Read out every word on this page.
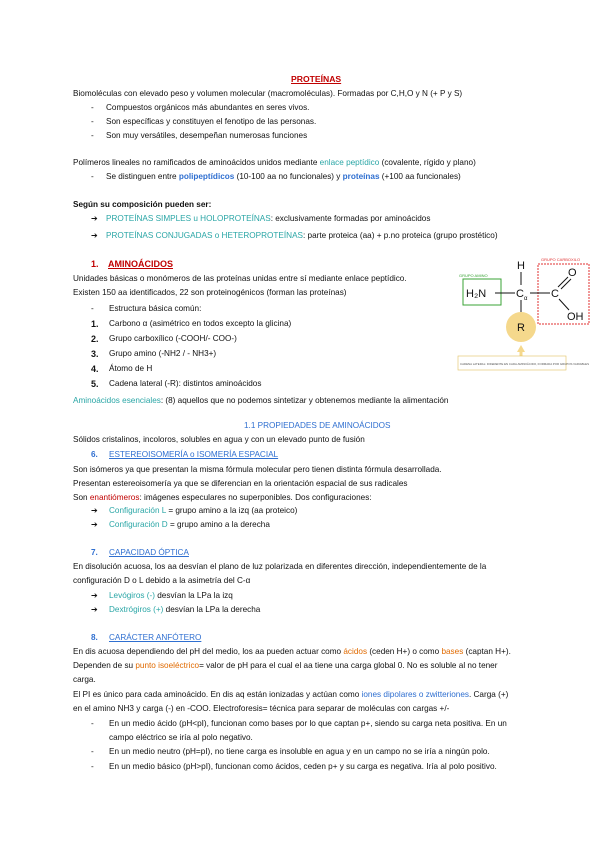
PROTEÍNAS
Biomoléculas con elevado peso y volumen molecular (macromoléculas). Formadas por C,H,O y N (+ P y S)
- Compuestos orgánicos más abundantes en seres vivos.
- Son específicas y constituyen el fenotipo de las personas.
- Son muy versátiles, desempeñan numerosas funciones
Polímeros lineales no ramificados de aminoácidos unidos mediante enlace peptídico (covalente, rígido y plano)
- Se distinguen entre polipeptídicos (10-100 aa no funcionales) y proteínas (+100 aa funcionales)
Según su composición pueden ser:
➔ PROTEÍNAS SIMPLES u HOLOPROTEÍNAS: exclusivamente formadas por aminoácidos
➔ PROTEÍNAS CONJUGADAS o HETEROPROTEÍNAS: parte proteica (aa) + p.no proteica (grupo prostético)
1. AMINOÁCIDOS
Unidades básicas o monómeros de las proteínas unidas entre sí mediante enlace peptídico.
Existen 150 aa identificados, 22 son proteinogénicos (forman las proteínas)
- Estructura básica común:
1. Carbono α (asimétrico en todos excepto la glicina)
2. Grupo carboxílico (-COOH/- COO-)
3. Grupo amino (-NH2 / - NH3+)
4. Átomo de H
5. Cadena lateral (-R): distintos aminoácidos
Aminoácidos esenciales: (8) aquellos que no podemos sintetizar y obtenemos mediante la alimentación
GRUPO AMINO
GRUPO CARBOXILO
H
H₂N	C α C
O
OH
R
CADENA LATERAL: DIFERENTE EN CADA AMINOÁCIDO, FORMADA POR GRUPOS VARIABLES
1.1 PROPIEDADES DE AMINOÁCIDOS
Sólidos cristalinos, incoloros, solubles en agua y con un elevado punto de fusión
6. ESTEREOISOMERÍA o ISOMERÍA ESPACIAL
Son isómeros ya que presentan la misma fórmula molecular pero tienen distinta fórmula desarrollada.
Presentan estereoisomería ya que se diferencian en la orientación espacial de sus radicales
Son enantiómeros: imágenes especulares no superponibles. Dos configuraciones:
➔ Configuración L = grupo amino a la izq (aa proteico)
➔ Configuración D = grupo amino a la derecha
7. CAPACIDAD ÓPTICA
En disolución acuosa, los aa desvían el plano de luz polarizada en diferentes dirección, independientemente de la
configuración D o L debido a la asimetría del C-α
➔ Levógiros (-) desvían la LPa la izq
➔ Dextrógiros (+) desvían la LPa la derecha
8. CARÁCTER ANFÓTERO
En dis acuosa dependiendo del pH del medio, los aa pueden actuar como ácidos (ceden H+) o como bases (captan H+).
Dependen de su punto isoeléctrico= valor de pH para el cual el aa tiene una carga global 0. No es soluble al no tener
carga.
El PI es único para cada aminoácido. En dis aq están ionizadas y actúan como iones dipolares o zwitteriones. Carga (+)
en el amino NH3 y carga (-) en -COO. Electroforesis= técnica para separar de moléculas con cargas +/-
- En un medio ácido (pH<pI), funcionan como bases por lo que captan p+, siendo su carga neta positiva. En un
campo eléctrico se iría al polo negativo.
- En un medio neutro (pH=pI), no tiene carga es insoluble en agua y en un campo no se iría a ningún polo.
- En un medio básico (pH>pI), funcionan como ácidos, ceden p+ y su carga es negativa. Iría al polo positivo.
